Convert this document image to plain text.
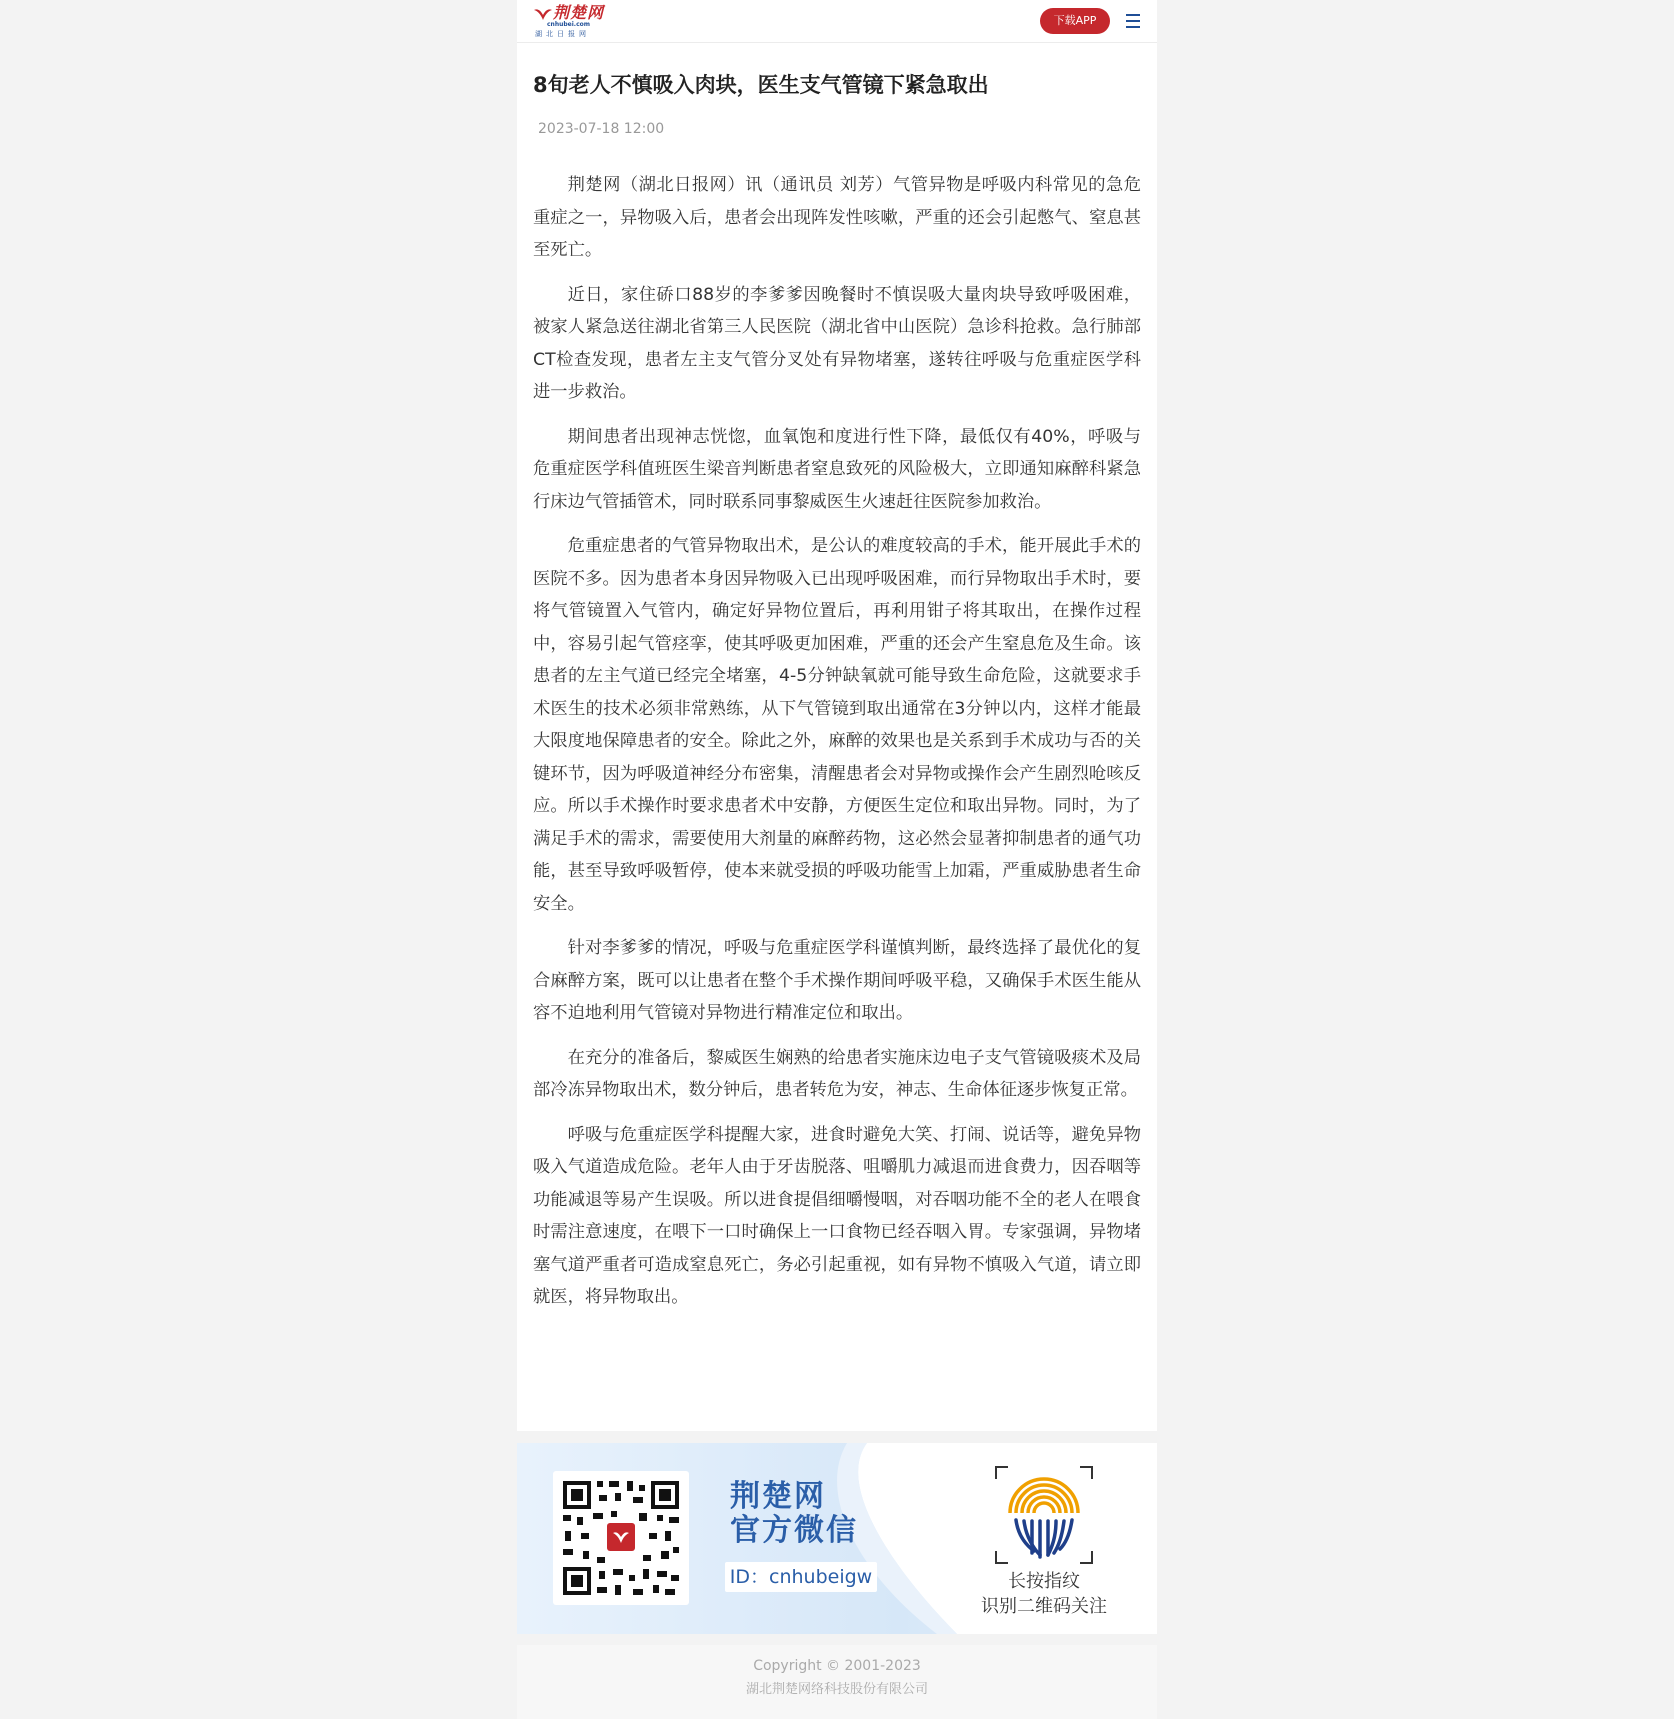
荆楚网
cnhubei.com
湖北日报网
下载APP
8旬老人不慎吸入肉块，医生支气管镜下紧急取出
2023-07-18 12:00

荆楚网（湖北日报网）讯（通讯员 刘芳）气管异物是呼吸内科常见的急危重症之一，异物吸入后，患者会出现阵发性咳嗽，严重的还会引起憋气、窒息甚至死亡。

近日，家住硚口88岁的李爹爹因晚餐时不慎误吸大量肉块导致呼吸困难，被家人紧急送往湖北省第三人民医院（湖北省中山医院）急诊科抢救。急行肺部CT检查发现，患者左主支气管分叉处有异物堵塞，遂转往呼吸与危重症医学科进一步救治。

期间患者出现神志恍惚，血氧饱和度进行性下降，最低仅有40%，呼吸与危重症医学科值班医生梁音判断患者窒息致死的风险极大，立即通知麻醉科紧急行床边气管插管术，同时联系同事黎威医生火速赶往医院参加救治。

危重症患者的气管异物取出术，是公认的难度较高的手术，能开展此手术的医院不多。因为患者本身因异物吸入已出现呼吸困难，而行异物取出手术时，要将气管镜置入气管内，确定好异物位置后，再利用钳子将其取出，在操作过程中，容易引起气管痉挛，使其呼吸更加困难，严重的还会产生窒息危及生命。该患者的左主气道已经完全堵塞，4-5分钟缺氧就可能导致生命危险，这就要求手术医生的技术必须非常熟练，从下气管镜到取出通常在3分钟以内，这样才能最大限度地保障患者的安全。除此之外，麻醉的效果也是关系到手术成功与否的关键环节，因为呼吸道神经分布密集，清醒患者会对异物或操作会产生剧烈呛咳反应。所以手术操作时要求患者术中安静，方便医生定位和取出异物。同时，为了满足手术的需求，需要使用大剂量的麻醉药物，这必然会显著抑制患者的通气功能，甚至导致呼吸暂停，使本来就受损的呼吸功能雪上加霜，严重威胁患者生命安全。

针对李爹爹的情况，呼吸与危重症医学科谨慎判断，最终选择了最优化的复合麻醉方案，既可以让患者在整个手术操作期间呼吸平稳，又确保手术医生能从容不迫地利用气管镜对异物进行精准定位和取出。

在充分的准备后，黎威医生娴熟的给患者实施床边电子支气管镜吸痰术及局部冷冻异物取出术，数分钟后，患者转危为安，神志、生命体征逐步恢复正常。

呼吸与危重症医学科提醒大家，进食时避免大笑、打闹、说话等，避免异物吸入气道造成危险。老年人由于牙齿脱落、咀嚼肌力减退而进食费力，因吞咽等功能减退等易产生误吸。所以进食提倡细嚼慢咽，对吞咽功能不全的老人在喂食时需注意速度，在喂下一口时确保上一口食物已经吞咽入胃。专家强调，异物堵塞气道严重者可造成窒息死亡，务必引起重视，如有异物不慎吸入气道，请立即就医，将异物取出。

荆楚网
官方微信
ID：cnhubeigw	长按指纹
识别二维码关注
Copyright © 2001-2023
湖北荆楚网络科技股份有限公司
